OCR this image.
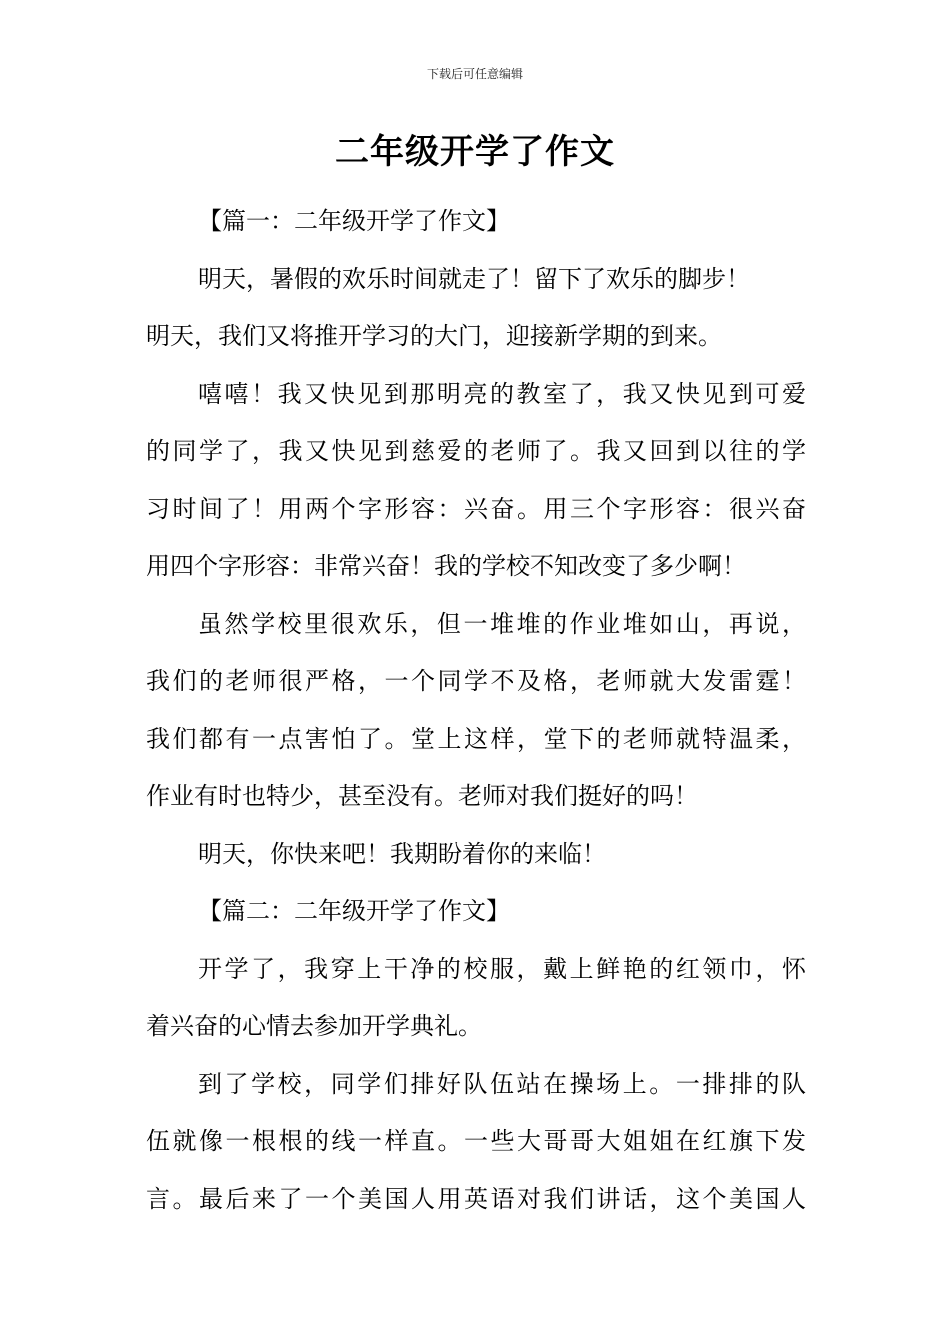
下载后可任意编辑
二年级开学了作文
【篇一：二年级开学了作文】
明天，暑假的欢乐时间就走了！留下了欢乐的脚步！
明天，我们又将推开学习的大门，迎接新学期的到来。
嘻嘻！我又快见到那明亮的教室了，我又快见到可爱
的同学了，我又快见到慈爱的老师了。我又回到以往的学
习时间了！用两个字形容：兴奋。用三个字形容：很兴奋
用四个字形容：非常兴奋！我的学校不知改变了多少啊！
虽然学校里很欢乐，但一堆堆的作业堆如山，再说，
我们的老师很严格，一个同学不及格，老师就大发雷霆！
我们都有一点害怕了。堂上这样，堂下的老师就特温柔，
作业有时也特少，甚至没有。老师对我们挺好的吗！
明天，你快来吧！我期盼着你的来临！
【篇二：二年级开学了作文】
开学了，我穿上干净的校服，戴上鲜艳的红领巾，怀
着兴奋的心情去参加开学典礼。
到了学校，同学们排好队伍站在操场上。一排排的队
伍就像一根根的线一样直。一些大哥哥大姐姐在红旗下发
言。最后来了一个美国人用英语对我们讲话，这个美国人
